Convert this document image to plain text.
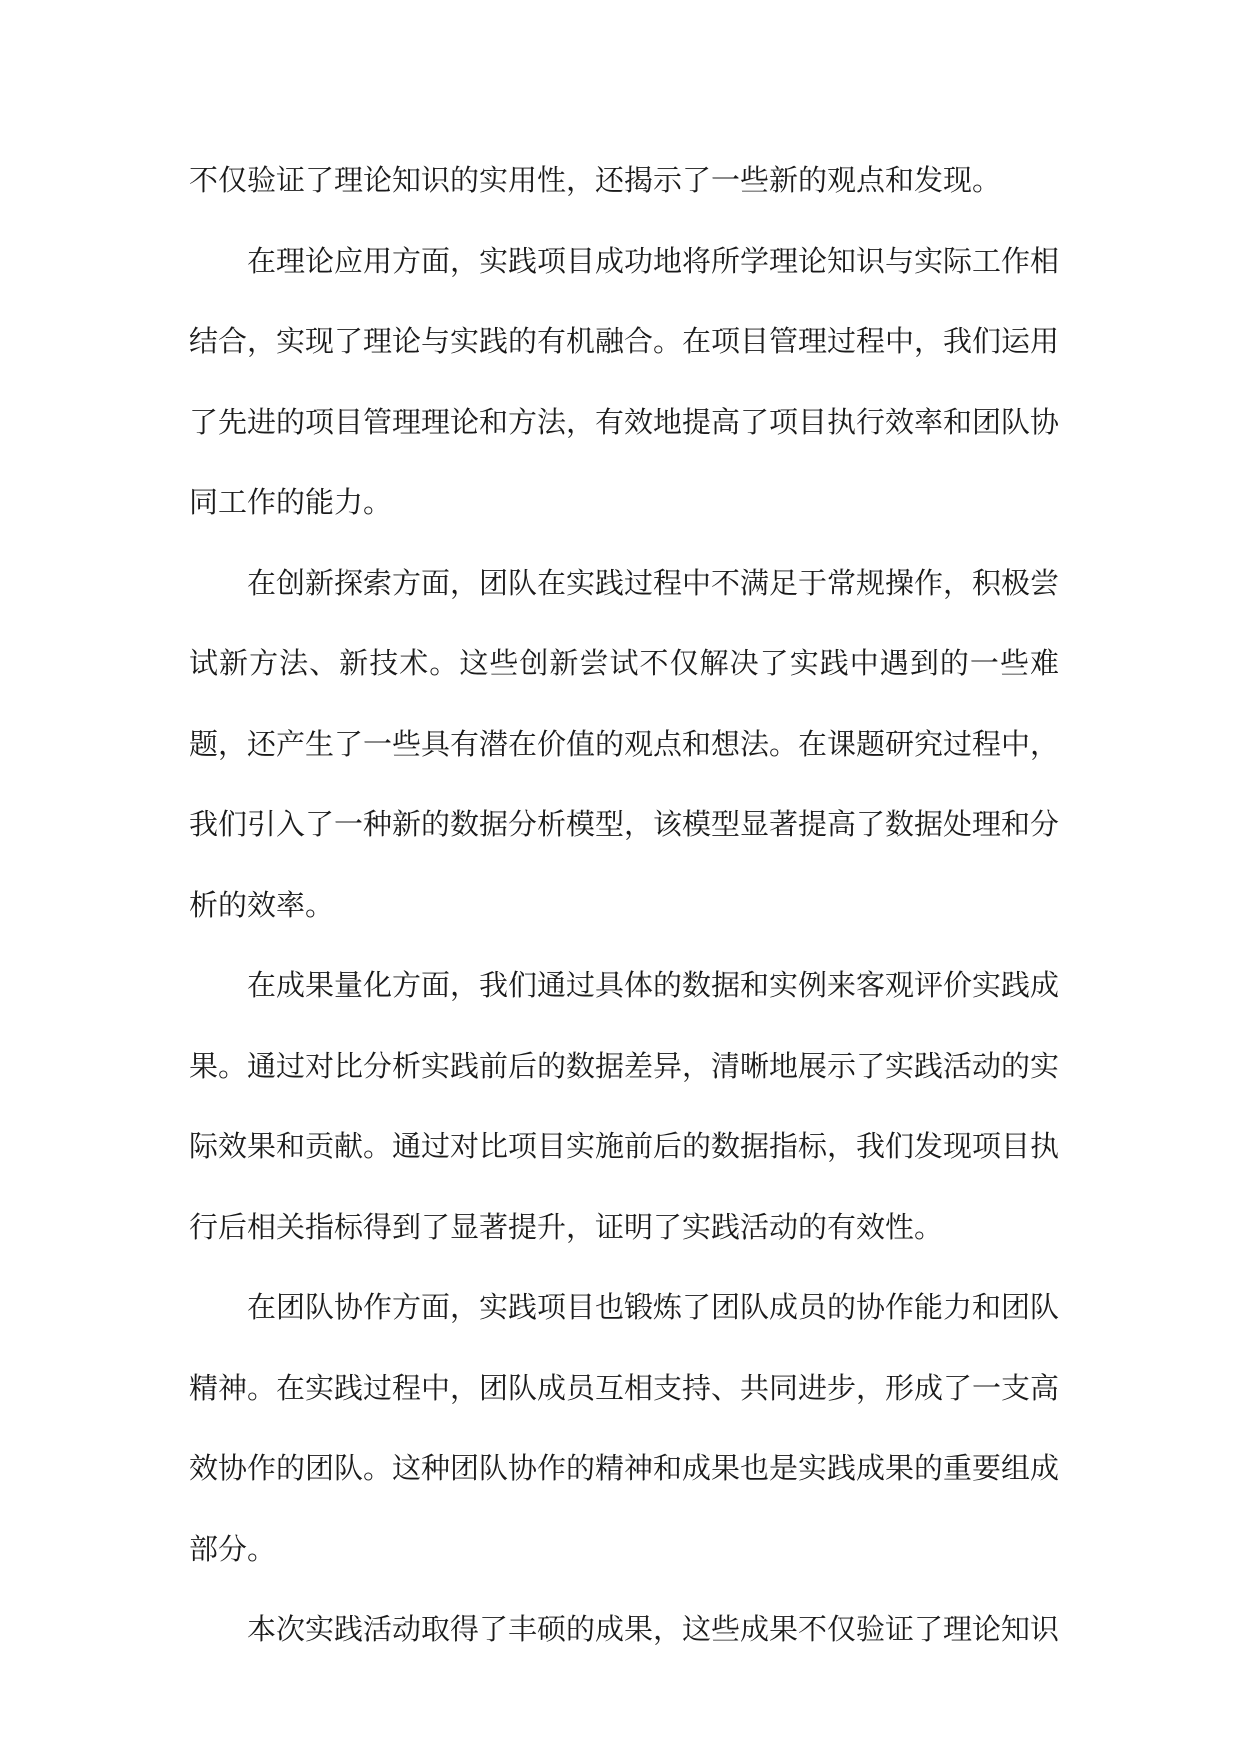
不仅验证了理论知识的实用性，还揭示了一些新的观点和发现。

在理论应用方面，实践项目成功地将所学理论知识与实际工作相结合，实现了理论与实践的有机融合。在项目管理过程中，我们运用了先进的项目管理理论和方法，有效地提高了项目执行效率和团队协同工作的能力。

在创新探索方面，团队在实践过程中不满足于常规操作，积极尝试新方法、新技术。这些创新尝试不仅解决了实践中遇到的一些难题，还产生了一些具有潜在价值的观点和想法。在课题研究过程中，我们引入了一种新的数据分析模型，该模型显著提高了数据处理和分析的效率。

在成果量化方面，我们通过具体的数据和实例来客观评价实践成果。通过对比分析实践前后的数据差异，清晰地展示了实践活动的实际效果和贡献。通过对比项目实施前后的数据指标，我们发现项目执行后相关指标得到了显著提升，证明了实践活动的有效性。

在团队协作方面，实践项目也锻炼了团队成员的协作能力和团队精神。在实践过程中，团队成员互相支持、共同进步，形成了一支高效协作的团队。这种团队协作的精神和成果也是实践成果的重要组成部分。

本次实践活动取得了丰硕的成果，这些成果不仅验证了理论知识
